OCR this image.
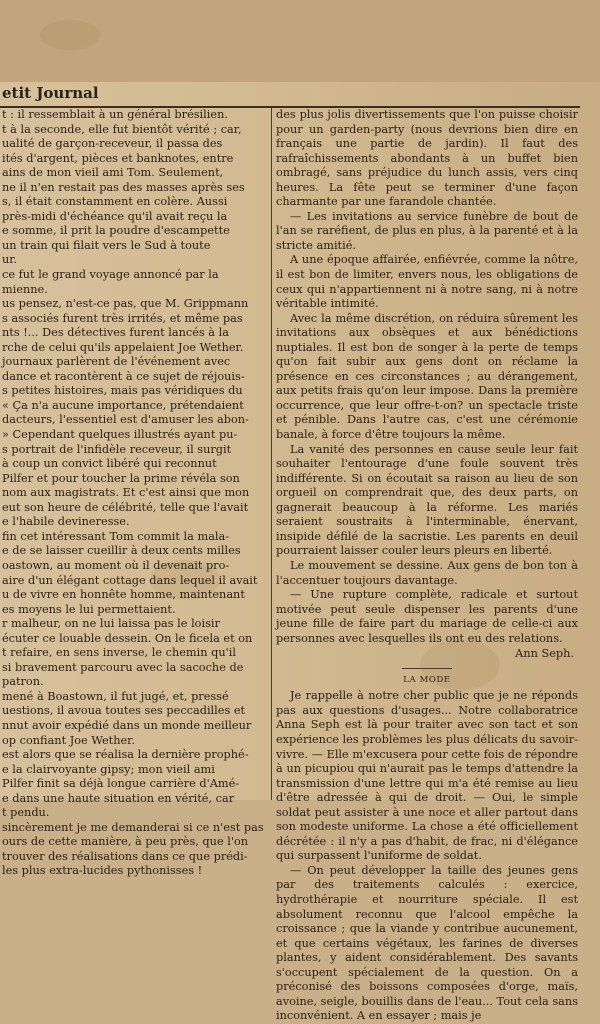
etit Journal

t : il ressemblait à un général brésilien.

t à la seconde, elle fut bientôt vérité ; car,

ualité de garçon-receveur, il passa des

ités d'argent, pièces et banknotes, entre

ains de mon vieil ami Tom. Seulement,

ne il n'en restait pas des masses après ses

s, il était constamment en colère. Aussi

près-midi d'échéance qu'il avait reçu la

e somme, il prit la poudre d'escampette

un train qui filait vers le Sud à toute

ur.

ce fut le grand voyage annoncé par la

mienne.

us pensez, n'est-ce pas, que M. Grippmann

s associés furent très irrités, et même pas

nts !... Des détectives furent lancés à la

rche de celui qu'ils appelaient Joe Wether.

journaux parlèrent de l'événement avec

dance et racontèrent à ce sujet de réjouis-

s petites histoires, mais pas véridiques du

« Ça n'a aucune importance, prétendaient

dacteurs, l'essentiel est d'amuser les abon-

» Cependant quelques illustrés ayant pu-

s portrait de l'infidèle receveur, il surgit

à coup un convict libéré qui reconnut

Pilfer et pour toucher la prime révéla son

nom aux magistrats. Et c'est ainsi que mon

eut son heure de célébrité, telle que l'avait

e l'habile devineresse.

fin cet intéressant Tom commit la mala-

e de se laisser cueillir à deux cents milles

oastown, au moment où il devenait pro-

aire d'un élégant cottage dans lequel il avait

u de vivre en honnête homme, maintenant

es moyens le lui permettaient.

r malheur, on ne lui laissa pas le loisir

écuter ce louable dessein. On le ficela et on

t refaire, en sens inverse, le chemin qu'il

si bravement parcouru avec la sacoche de

patron.

mené à Boastown, il fut jugé, et, pressé

uestions, il avoua toutes ses peccadilles et

nnut avoir expédié dans un monde meilleur

op confiant Joe Wether.

est alors que se réalisa la dernière prophé-

e la clairvoyante gipsy; mon vieil ami

Pilfer finit sa déjà longue carrière d'Amé-

e dans une haute situation en vérité, car

t pendu.

sincèrement je me demanderai si ce n'est pas

ours de cette manière, à peu près, que l'on

trouver des réalisations dans ce que prédi-

les plus extra-lucides pythonisses !

des plus jolis divertissements que l'on puisse choisir pour un garden-party (nous devrions bien dire en français une partie de jardin). Il faut des rafraîchissements abondants à un buffet bien ombragé, sans préjudice du lunch assis, vers cinq heures. La fête peut se terminer d'une façon charmante par une farandole chantée.

— Les invitations au service funèbre de bout de l'an se raréfient, de plus en plus, à la parenté et à la stricte amitié.

A une époque affairée, enfiévrée, comme la nôtre, il est bon de limiter, envers nous, les obligations de ceux qui n'appartiennent ni à notre sang, ni à notre véritable intimité.

Avec la même discrétion, on réduira sûrement les invitations aux obsèques et aux bénédictions nuptiales. Il est bon de songer à la perte de temps qu'on fait subir aux gens dont on réclame la présence en ces circonstances ; au dérangement, aux petits frais qu'on leur impose. Dans la première occurrence, que leur offre-t-on? un spectacle triste et pénible. Dans l'autre cas, c'est une cérémonie banale, à force d'être toujours la même.

La vanité des personnes en cause seule leur fait souhaiter l'entourage d'une foule souvent très indifférente. Si on écoutait sa raison au lieu de son orgueil on comprendrait que, des deux parts, on gagnerait beaucoup à la réforme. Les mariés seraient soustraits à l'interminable, énervant, insipide défilé de la sacristie. Les parents en deuil pourraient laisser couler leurs pleurs en liberté.

Le mouvement se dessine. Aux gens de bon ton à l'accentuer toujours davantage.

— Une rupture complète, radicale et surtout motivée peut seule dispenser les parents d'une jeune fille de faire part du mariage de celle-ci aux personnes avec lesquelles ils ont eu des relations.

Ann Seph.

LA MODE

Je rappelle à notre cher public que je ne réponds pas aux questions d'usages... Notre collaboratrice Anna Seph est là pour traiter avec son tact et son expérience les problèmes les plus délicats du savoir-vivre. — Elle m'excusera pour cette fois de répondre à un picupiou qui n'aurait pas le temps d'attendre la transmission d'une lettre qui m'a été remise au lieu d'être adressée à qui de droit. — Oui, le simple soldat peut assister à une noce et aller partout dans son modeste uniforme. La chose a été officiellement décrétée : il n'y a pas d'habit, de frac, ni d'élégance qui surpassent l'uniforme de soldat.

— On peut développer la taille des jeunes gens par des traitements calculés : exercice, hydrothérapie et nourriture spéciale. Il est absolument reconnu que l'alcool empêche la croissance ; que la viande y contribue aucunement, et que certains végétaux, les farines de diverses plantes, y aident considérablement. Des savants s'occupent spécialement de la question. On a préconisé des boissons composées d'orge, maïs, avoine, seigle, bouillis dans de l'eau... Tout cela sans inconvénient. A en essayer ; mais je
